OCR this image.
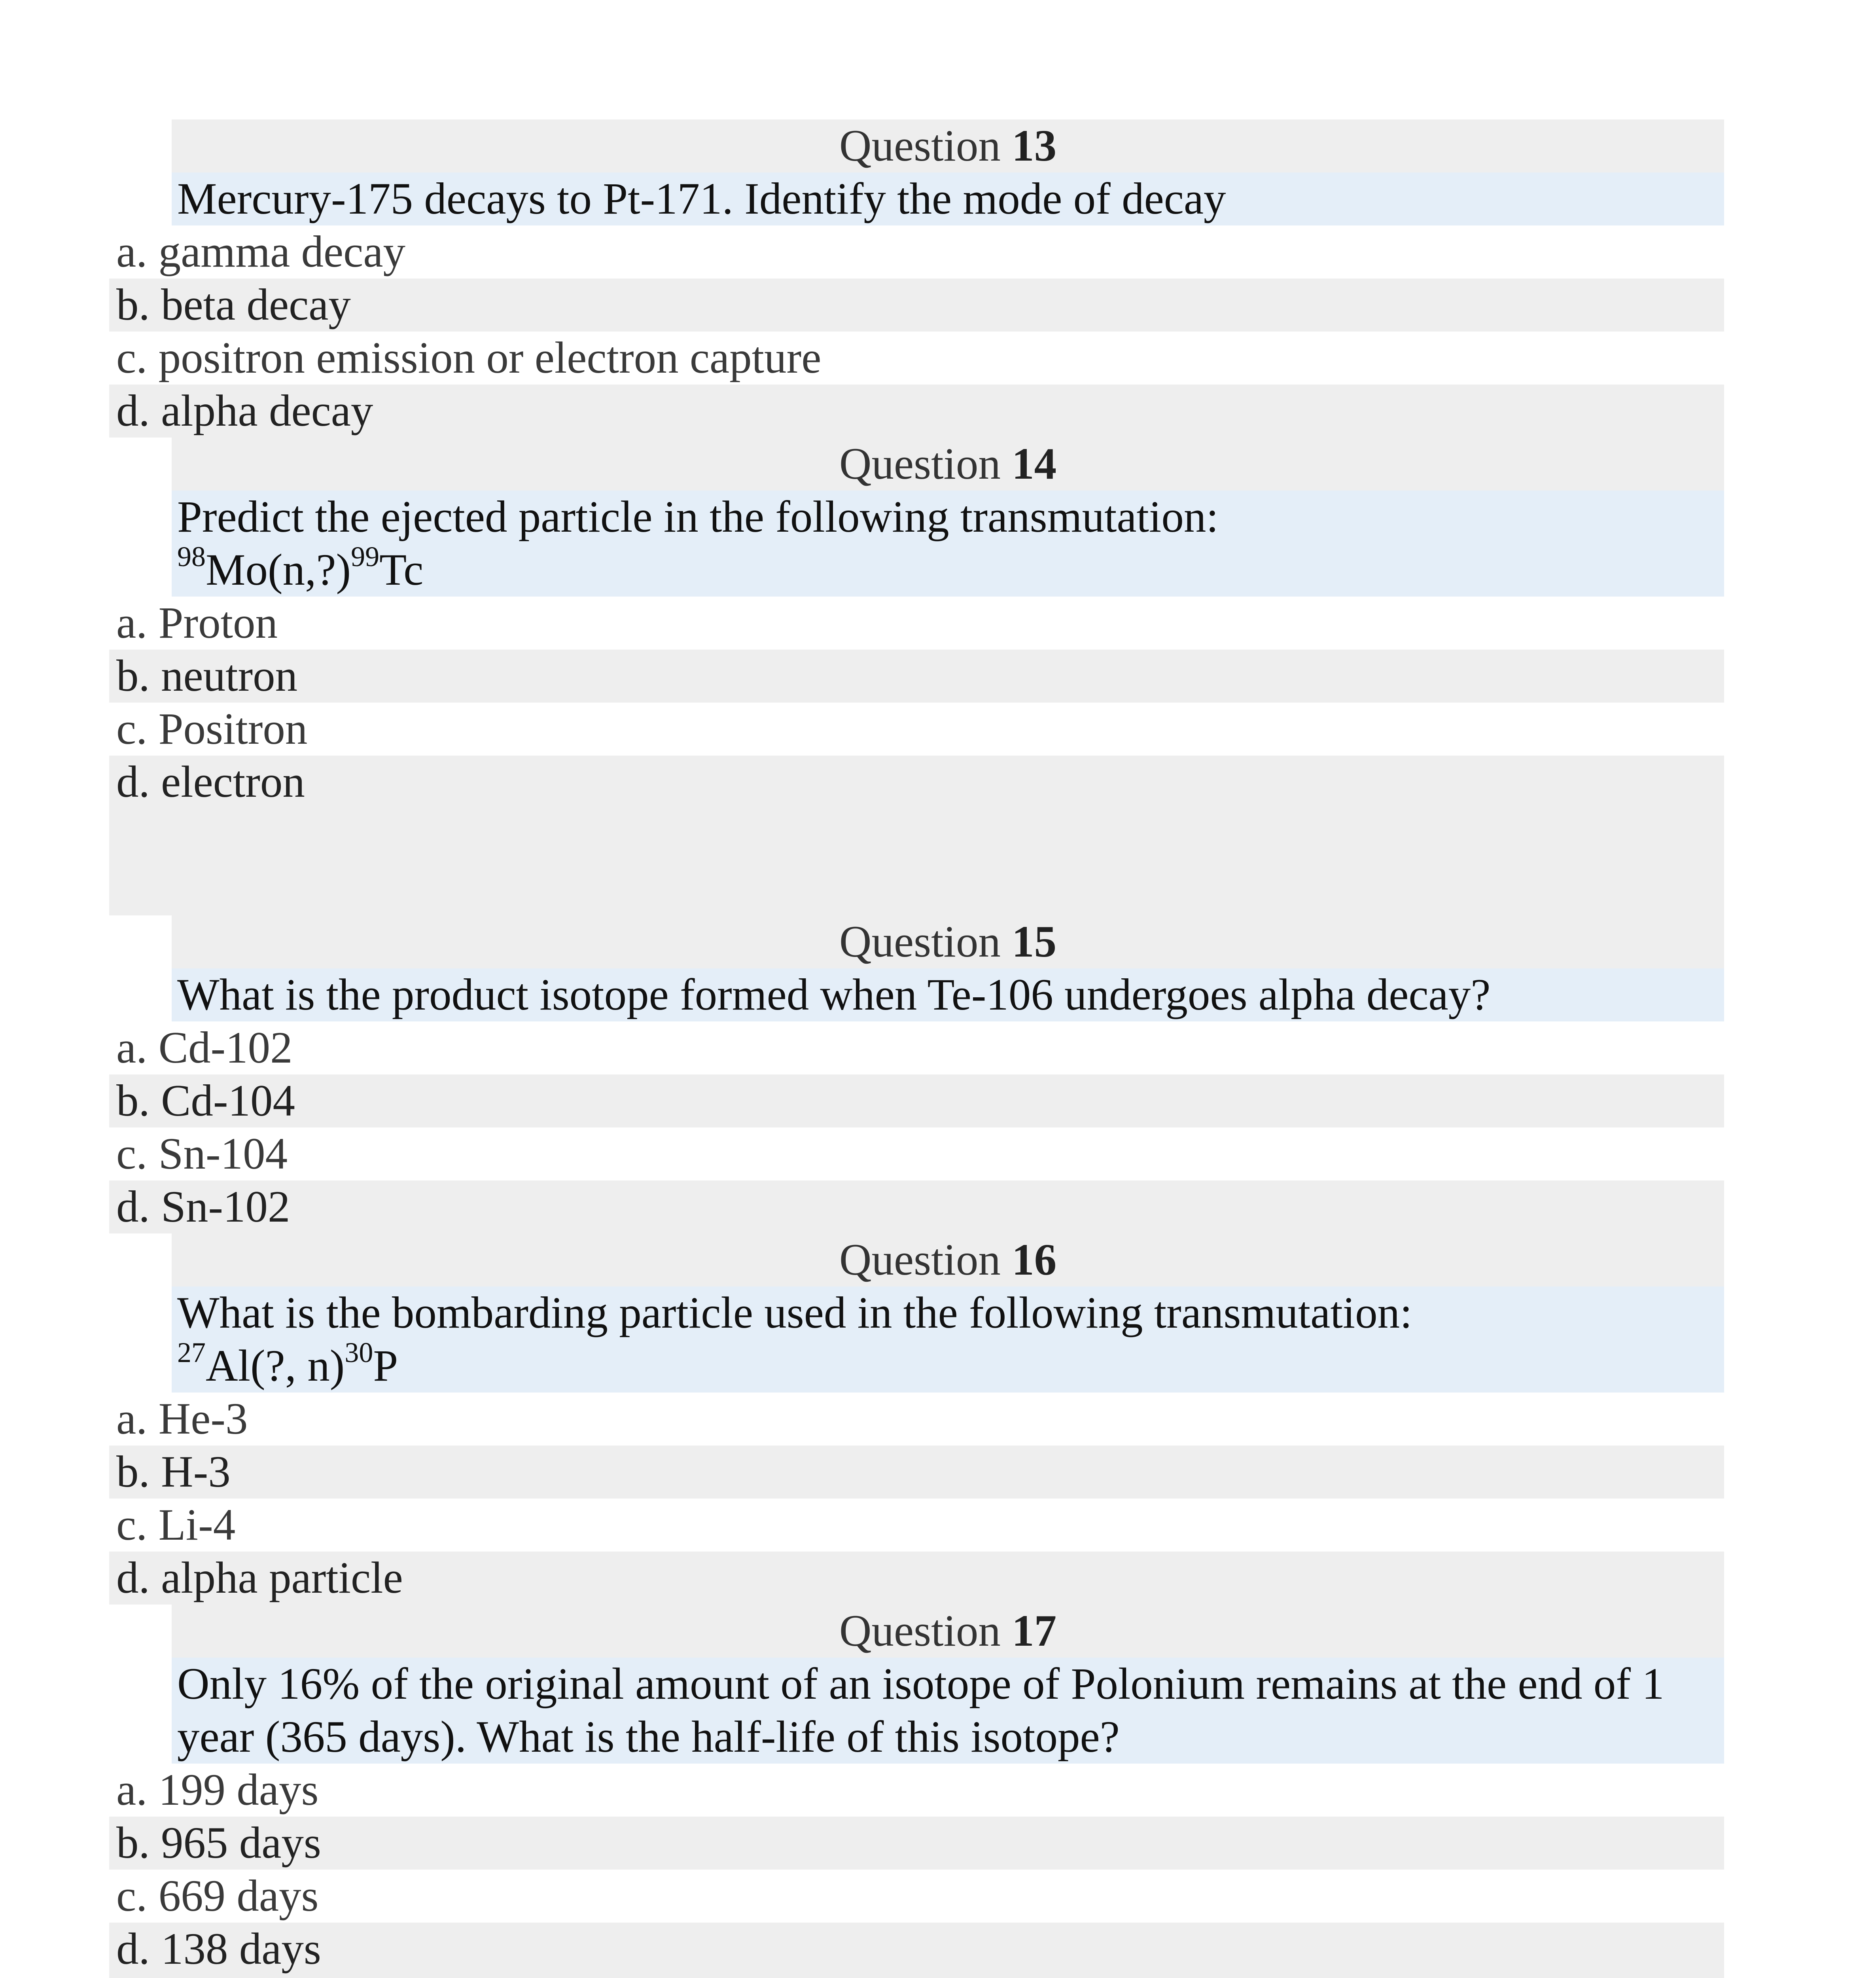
Question 13
Mercury-175 decays to Pt-171. Identify the mode of decay
a. gamma decay
b. beta decay
c. positron emission or electron capture
d. alpha decay
Question 14
Predict the ejected particle in the following transmutation:
$^{98}$Mo(n,?)$^{99}$Tc
a. Proton
b. neutron
c. Positron
d. electron
Question 15
What is the product isotope formed when Te-106 undergoes alpha decay?
a. Cd-102
b. Cd-104
c. Sn-104
d. Sn-102
Question 16
What is the bombarding particle used in the following transmutation:
$^{27}$Al(?, n)$^{30}$P
a. He-3
b. H-3
c. Li-4
d. alpha particle
Question 17
Only 16% of the original amount of an isotope of Polonium remains at the end of 1
year (365 days). What is the half-life of this isotope?
a. 199 days
b. 965 days
c. 669 days
d. 138 days
